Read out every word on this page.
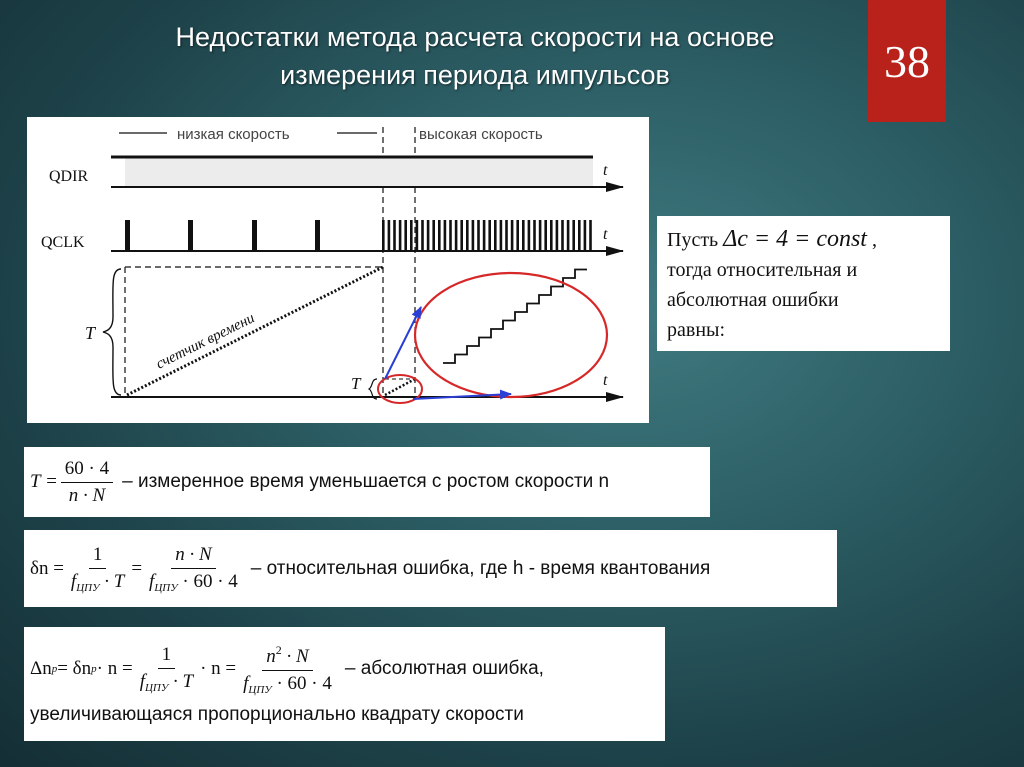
Недостатки метода расчета скорости на основе
измерения периода импульсов	38
низкая скорость	высокая скорость
QDIR	t
QCLK	t
T	счетчик времени
t
T
Пусть Δc = 4 = const ,
тогда относительная и
абсолютная ошибки
равны:
$T = \frac{60 \cdot 4}{n \cdot N}$ – измеренное время уменьшается с ростом скорости n
$\delta n = \frac{1}{f_{ЦПУ} \cdot T} = \frac{n \cdot N}{f_{ЦПУ} \cdot 60 \cdot 4}$ – относительная ошибка, где h - время квантования
Δn p = δn $p \cdot n = \frac{1}{f_{ЦПУ} \cdot T} \cdot n = \frac{n^2 \cdot N}{f_{ЦПУ} \cdot 60 \cdot 4}$ – абсолютная ошибка,
увеличивающаяся пропорционально квадрату скорости
